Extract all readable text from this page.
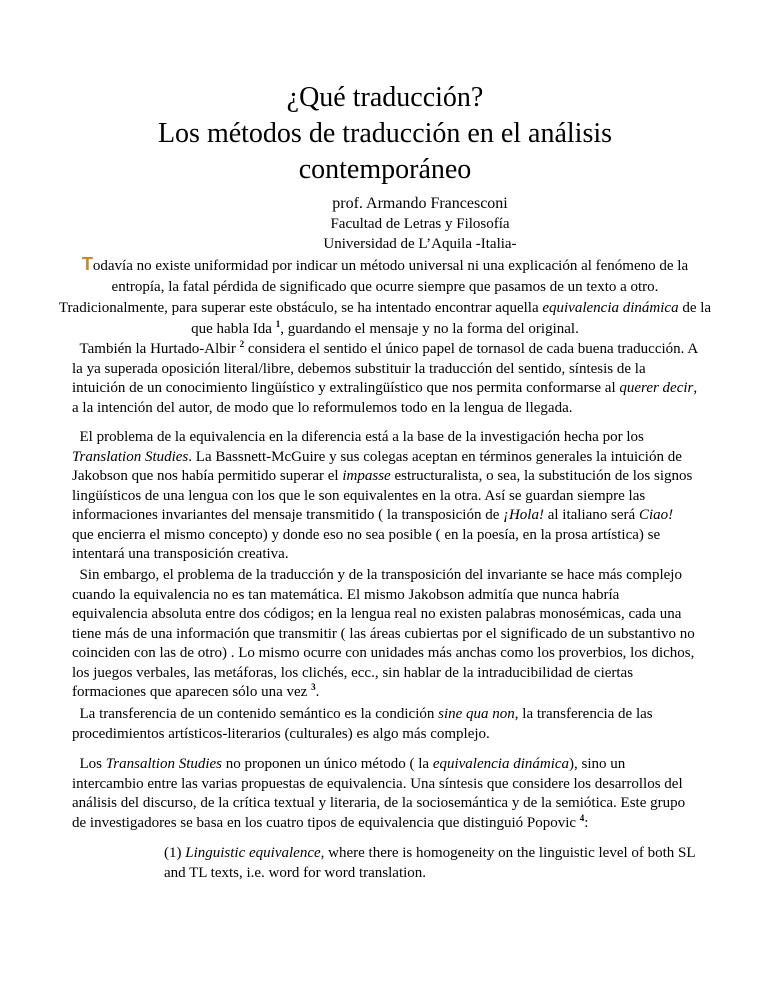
¿Qué traducción?
Los métodos de traducción en el análisis
contemporáneo
prof. Armando Francesconi
Facultad de Letras y Filosofía
Universidad de L’Aquila -Italia-
Todavía no existe uniformidad por indicar un método universal ni una explicación al fenómeno de la entropía, la fatal pérdida de significado que ocurre siempre que pasamos de un texto a otro. Tradicionalmente, para superar este obstáculo, se ha intentado encontrar aquella equivalencia dinámica de la que habla Ida $^1$, guardando el mensaje y no la forma del original.
También la Hurtado-Albir $^2$ considera el sentido el único papel de tornasol de cada buena traducción. A la ya superada oposición literal/libre, debemos substituir la traducción del sentido, síntesis de la intuición de un conocimiento lingüístico y extralingüístico que nos permita conformarse al querer decir, a la intención del autor, de modo que lo reformulemos todo en la lengua de llegada.
El problema de la equivalencia en la diferencia está a la base de la investigación hecha por los Translation Studies. La Bassnett-McGuire y sus colegas aceptan en términos generales la intuición de Jakobson que nos había permitido superar el impasse estructuralista, o sea, la substitución de los signos lingüísticos de una lengua con los que le son equivalentes en la otra. Así se guardan siempre las informaciones invariantes del mensaje transmitido ( la transposición de ¡Hola! al italiano será Ciao! que encierra el mismo concepto) y donde eso no sea posible ( en la poesía, en la prosa artística) se intentará una transposición creativa.
Sin embargo, el problema de la traducción y de la transposición del invariante se hace más complejo cuando la equivalencia no es tan matemática. El mismo Jakobson admitía que nunca habría equivalencia absoluta entre dos códigos; en la lengua real no existen palabras monosémicas, cada una tiene más de una información que transmitir ( las áreas cubiertas por el significado de un substantivo no coinciden con las de otro) . Lo mismo ocurre con unidades más anchas como los proverbios, los dichos, los juegos verbales, las metáforas, los clichés, ecc., sin hablar de la intraducibilidad de ciertas formaciones que aparecen sólo una vez $^3$.
La transferencia de un contenido semántico es la condición sine qua non, la transferencia de las procedimientos artísticos-literarios (culturales) es algo más complejo.
Los Transaltion Studies no proponen un único método ( la equivalencia dinámica), sino un intercambio entre las varias propuestas de equivalencia. Una síntesis que considere los desarrollos del análisis del discurso, de la crítica textual y literaria, de la sociosemántica y de la semiótica. Este grupo de investigadores se basa en los cuatro tipos de equivalencia que distinguió Popovic $^4$:
(1) Linguistic equivalence, where there is homogeneity on the linguistic level of both SL and TL texts, i.e. word for word translation.
